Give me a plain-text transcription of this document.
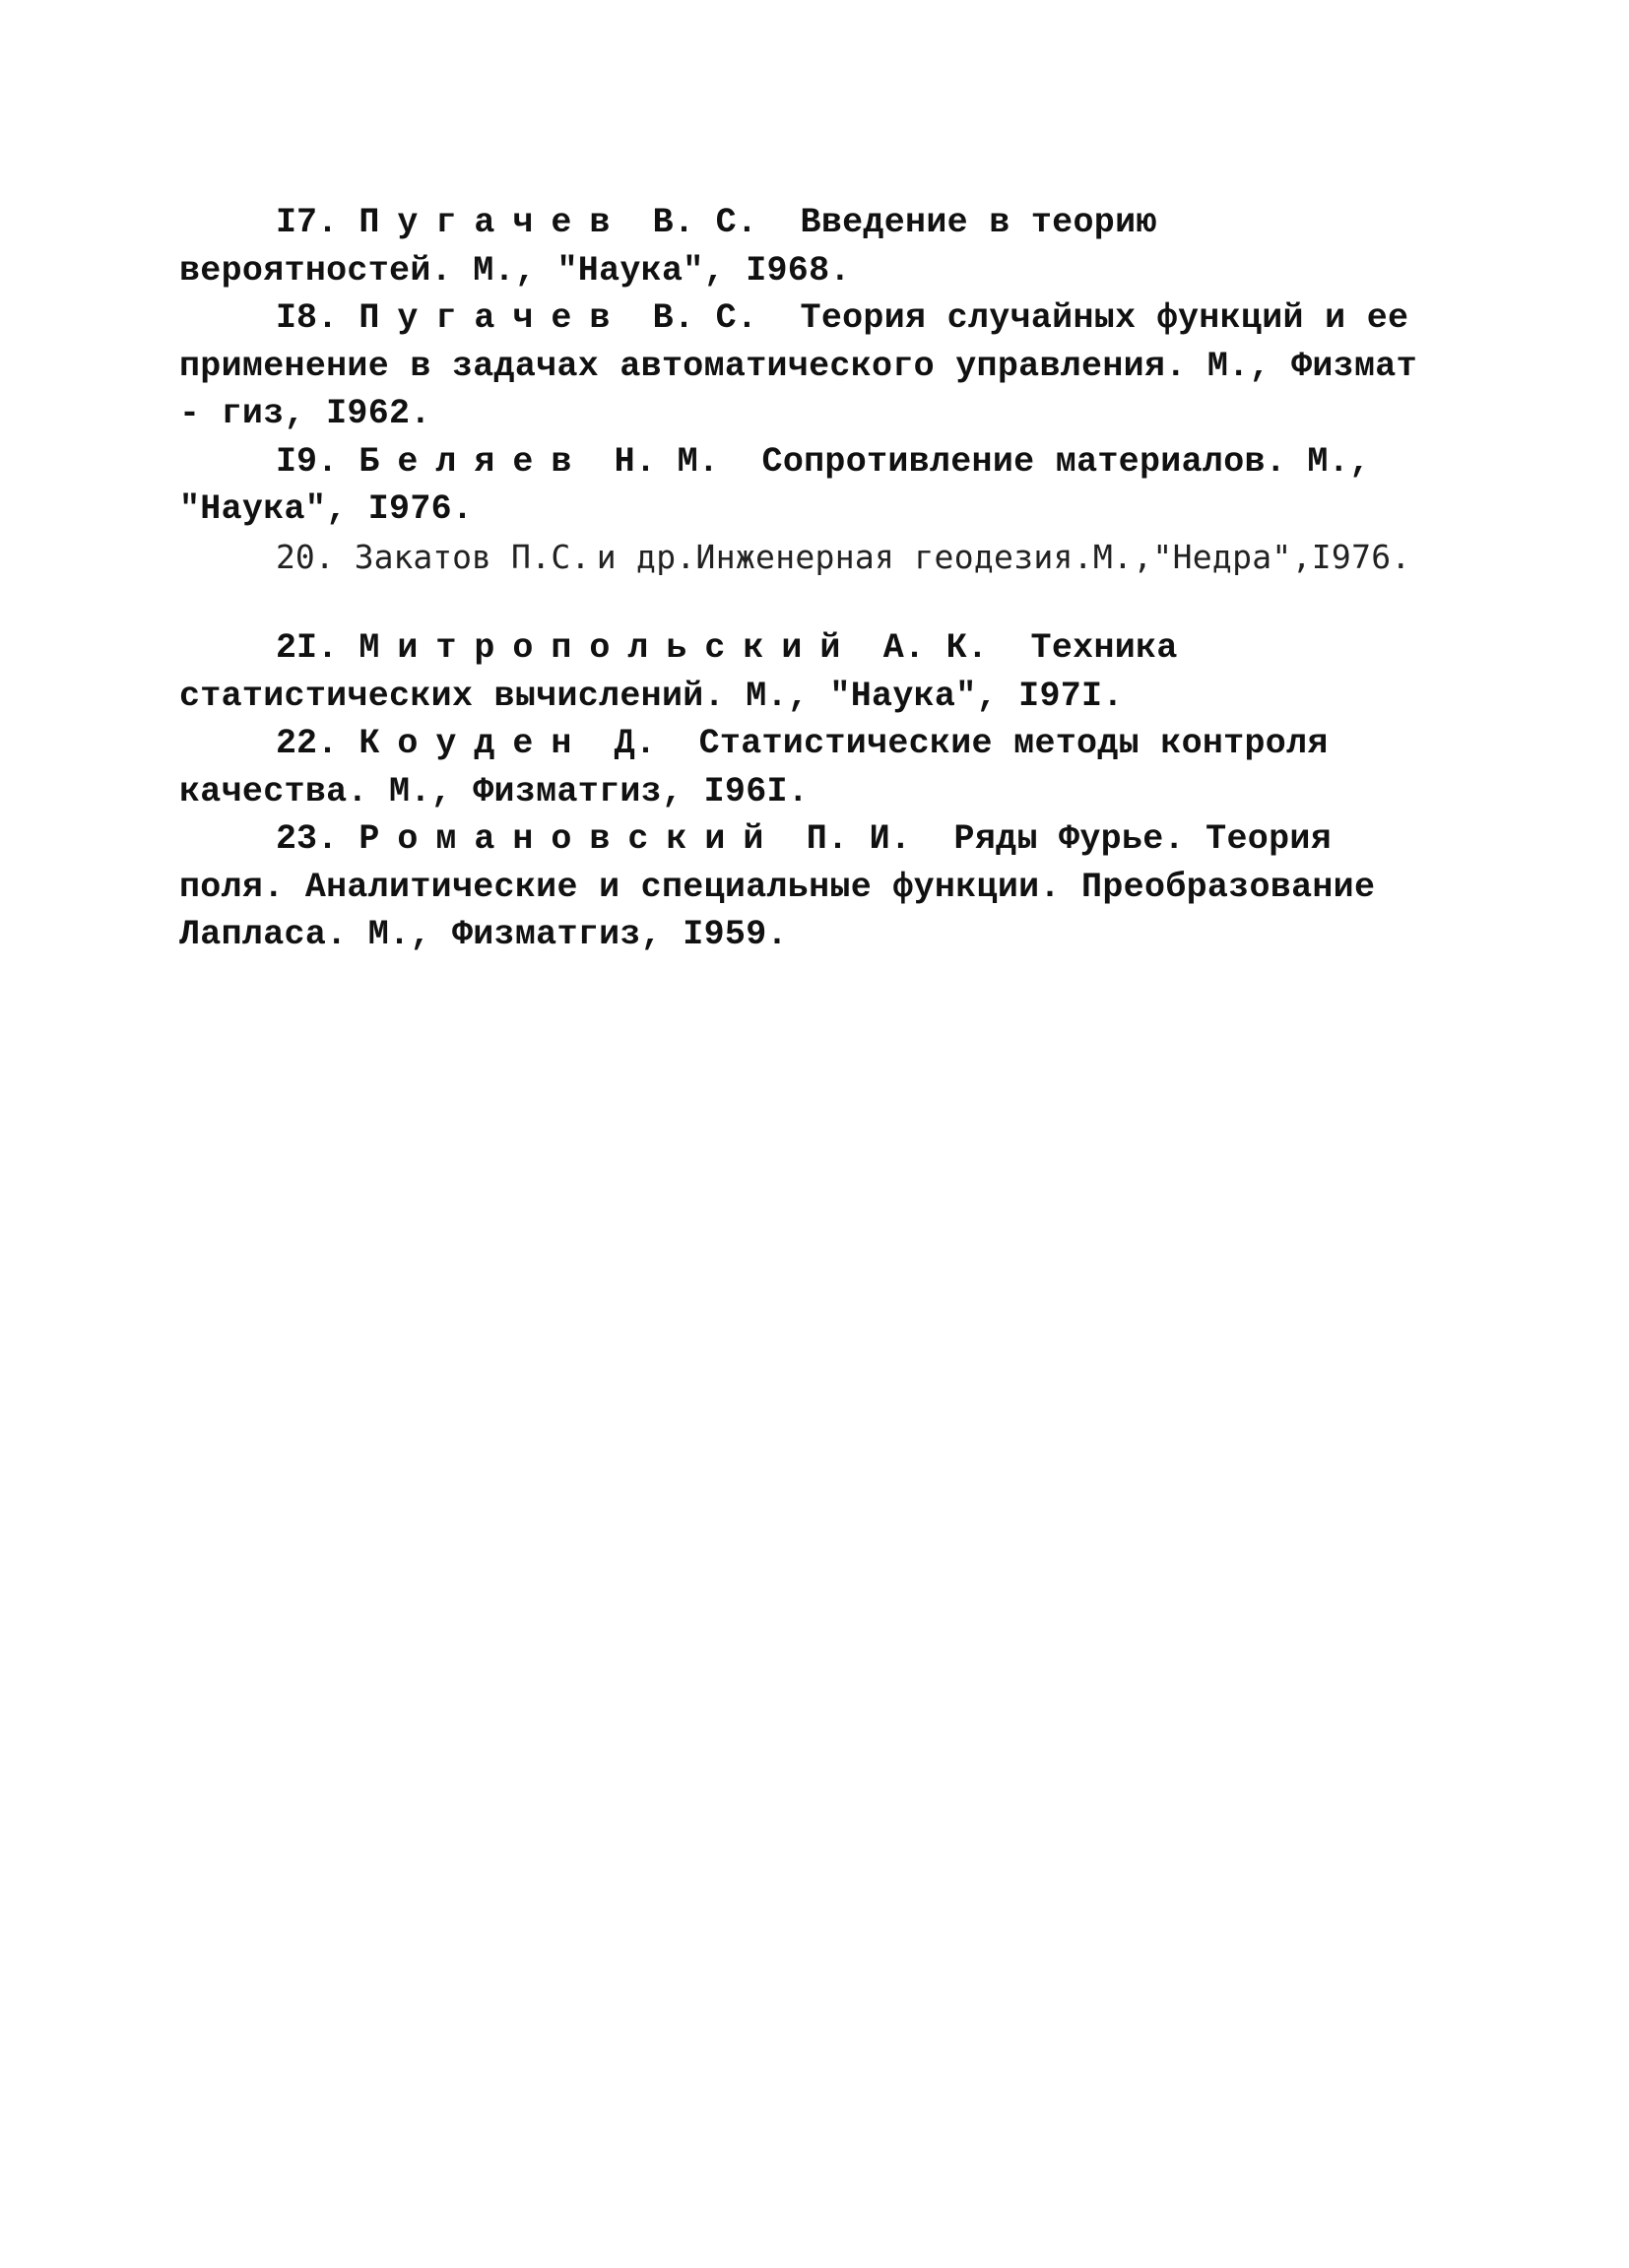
I7. Пугачев В. С. Введение в теорию вероятностей. М., "Наука", I968.

I8. Пугачев В. С. Теория случайных функций и ее применение в задачах автоматического управления. М., Физмат - гиз, I962.

I9. Беляев Н. М. Сопротивление материалов. М., "Наука", I976.

20. Закатов П.С. и др.Инженерная геодезия.М.,"Недра",I976.

2I. Митропольский А. К. Техника статистических вычислений. М., "Наука", I97I.

22. Коуден Д. Статистические методы контроля качества. М., Физматгиз, I96I.

23. Романовский П. И. Ряды Фурье. Теория поля. Аналитические и специальные функции. Преобразование Лапласа. М., Физматгиз, I959.
